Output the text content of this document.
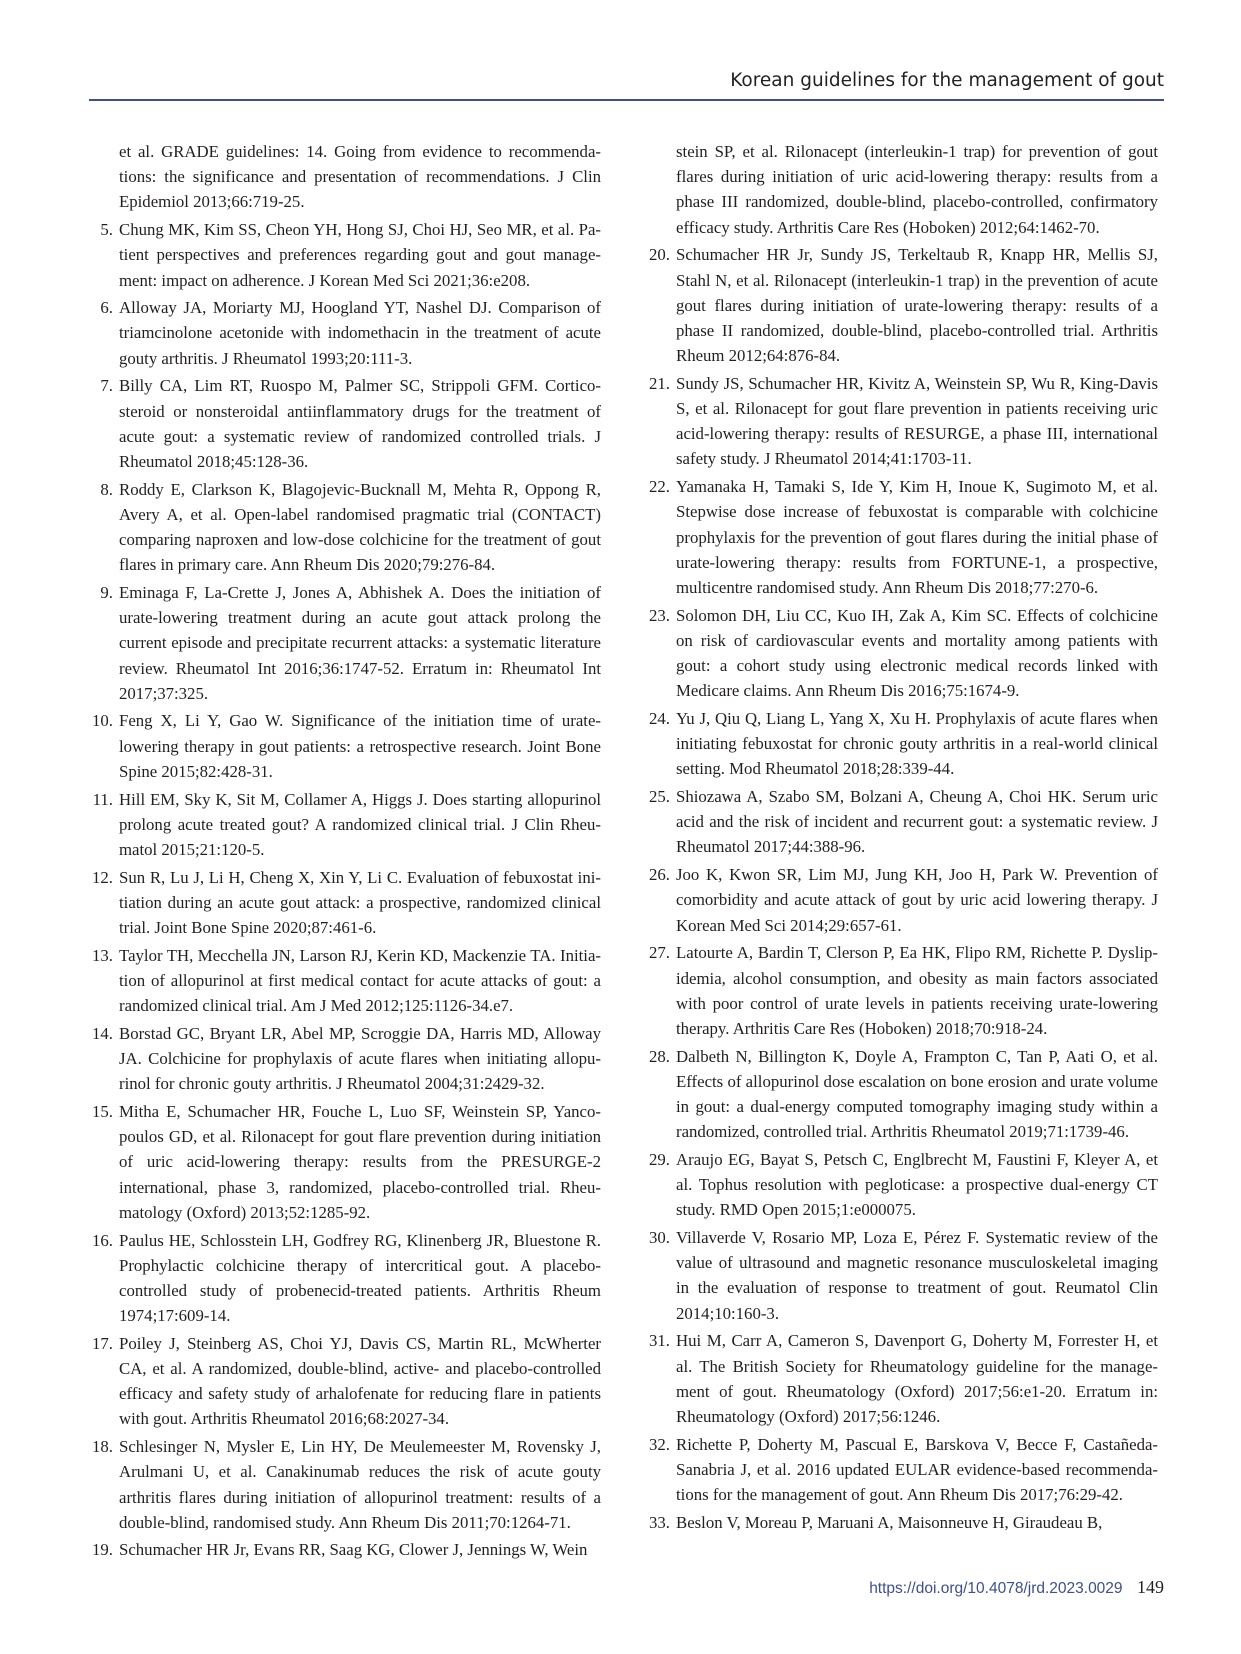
Korean guidelines for the management of gout
et al. GRADE guidelines: 14. Going from evidence to recommendations: the significance and presentation of recommendations. J Clin Epidemiol 2013;66:719-25.
5. Chung MK, Kim SS, Cheon YH, Hong SJ, Choi HJ, Seo MR, et al. Patient perspectives and preferences regarding gout and gout management: impact on adherence. J Korean Med Sci 2021;36:e208.
6. Alloway JA, Moriarty MJ, Hoogland YT, Nashel DJ. Comparison of triamcinolone acetonide with indomethacin in the treatment of acute gouty arthritis. J Rheumatol 1993;20:111-3.
7. Billy CA, Lim RT, Ruospo M, Palmer SC, Strippoli GFM. Corticosteroid or nonsteroidal antiinflammatory drugs for the treatment of acute gout: a systematic review of randomized controlled trials. J Rheumatol 2018;45:128-36.
8. Roddy E, Clarkson K, Blagojevic-Bucknall M, Mehta R, Oppong R, Avery A, et al. Open-label randomised pragmatic trial (CONTACT) comparing naproxen and low-dose colchicine for the treatment of gout flares in primary care. Ann Rheum Dis 2020;79:276-84.
9. Eminaga F, La-Crette J, Jones A, Abhishek A. Does the initiation of urate-lowering treatment during an acute gout attack prolong the current episode and precipitate recurrent attacks: a systematic literature review. Rheumatol Int 2016;36:1747-52. Erratum in: Rheumatol Int 2017;37:325.
10. Feng X, Li Y, Gao W. Significance of the initiation time of urate-lowering therapy in gout patients: a retrospective research. Joint Bone Spine 2015;82:428-31.
11. Hill EM, Sky K, Sit M, Collamer A, Higgs J. Does starting allopurinol prolong acute treated gout? A randomized clinical trial. J Clin Rheumatol 2015;21:120-5.
12. Sun R, Lu J, Li H, Cheng X, Xin Y, Li C. Evaluation of febuxostat initiation during an acute gout attack: a prospective, randomized clinical trial. Joint Bone Spine 2020;87:461-6.
13. Taylor TH, Mecchella JN, Larson RJ, Kerin KD, Mackenzie TA. Initiation of allopurinol at first medical contact for acute attacks of gout: a randomized clinical trial. Am J Med 2012;125:1126-34.e7.
14. Borstad GC, Bryant LR, Abel MP, Scroggie DA, Harris MD, Alloway JA. Colchicine for prophylaxis of acute flares when initiating allopurinol for chronic gouty arthritis. J Rheumatol 2004;31:2429-32.
15. Mitha E, Schumacher HR, Fouche L, Luo SF, Weinstein SP, Yancopoulos GD, et al. Rilonacept for gout flare prevention during initiation of uric acid-lowering therapy: results from the PRESURGE-2 international, phase 3, randomized, placebo-controlled trial. Rheumatology (Oxford) 2013;52:1285-92.
16. Paulus HE, Schlosstein LH, Godfrey RG, Klinenberg JR, Bluestone R. Prophylactic colchicine therapy of intercritical gout. A placebo-controlled study of probenecid-treated patients. Arthritis Rheum 1974;17:609-14.
17. Poiley J, Steinberg AS, Choi YJ, Davis CS, Martin RL, McWherter CA, et al. A randomized, double-blind, active- and placebo-controlled efficacy and safety study of arhalofenate for reducing flare in patients with gout. Arthritis Rheumatol 2016;68:2027-34.
18. Schlesinger N, Mysler E, Lin HY, De Meulemeester M, Rovensky J, Arulmani U, et al. Canakinumab reduces the risk of acute gouty arthritis flares during initiation of allopurinol treatment: results of a double-blind, randomised study. Ann Rheum Dis 2011;70:1264-71.
19. Schumacher HR Jr, Evans RR, Saag KG, Clower J, Jennings W, Wein
stein SP, et al. Rilonacept (interleukin-1 trap) for prevention of gout flares during initiation of uric acid-lowering therapy: results from a phase III randomized, double-blind, placebo-controlled, confirmatory efficacy study. Arthritis Care Res (Hoboken) 2012;64:1462-70.
20. Schumacher HR Jr, Sundy JS, Terkeltaub R, Knapp HR, Mellis SJ, Stahl N, et al. Rilonacept (interleukin-1 trap) in the prevention of acute gout flares during initiation of urate-lowering therapy: results of a phase II randomized, double-blind, placebo-controlled trial. Arthritis Rheum 2012;64:876-84.
21. Sundy JS, Schumacher HR, Kivitz A, Weinstein SP, Wu R, King-Davis S, et al. Rilonacept for gout flare prevention in patients receiving uric acid-lowering therapy: results of RESURGE, a phase III, international safety study. J Rheumatol 2014;41:1703-11.
22. Yamanaka H, Tamaki S, Ide Y, Kim H, Inoue K, Sugimoto M, et al. Stepwise dose increase of febuxostat is comparable with colchicine prophylaxis for the prevention of gout flares during the initial phase of urate-lowering therapy: results from FORTUNE-1, a prospective, multicentre randomised study. Ann Rheum Dis 2018;77:270-6.
23. Solomon DH, Liu CC, Kuo IH, Zak A, Kim SC. Effects of colchicine on risk of cardiovascular events and mortality among patients with gout: a cohort study using electronic medical records linked with Medicare claims. Ann Rheum Dis 2016;75:1674-9.
24. Yu J, Qiu Q, Liang L, Yang X, Xu H. Prophylaxis of acute flares when initiating febuxostat for chronic gouty arthritis in a real-world clinical setting. Mod Rheumatol 2018;28:339-44.
25. Shiozawa A, Szabo SM, Bolzani A, Cheung A, Choi HK. Serum uric acid and the risk of incident and recurrent gout: a systematic review. J Rheumatol 2017;44:388-96.
26. Joo K, Kwon SR, Lim MJ, Jung KH, Joo H, Park W. Prevention of comorbidity and acute attack of gout by uric acid lowering therapy. J Korean Med Sci 2014;29:657-61.
27. Latourte A, Bardin T, Clerson P, Ea HK, Flipo RM, Richette P. Dyslipidemia, alcohol consumption, and obesity as main factors associated with poor control of urate levels in patients receiving urate-lowering therapy. Arthritis Care Res (Hoboken) 2018;70:918-24.
28. Dalbeth N, Billington K, Doyle A, Frampton C, Tan P, Aati O, et al. Effects of allopurinol dose escalation on bone erosion and urate volume in gout: a dual-energy computed tomography imaging study within a randomized, controlled trial. Arthritis Rheumatol 2019;71:1739-46.
29. Araujo EG, Bayat S, Petsch C, Englbrecht M, Faustini F, Kleyer A, et al. Tophus resolution with pegloticase: a prospective dual-energy CT study. RMD Open 2015;1:e000075.
30. Villaverde V, Rosario MP, Loza E, Pérez F. Systematic review of the value of ultrasound and magnetic resonance musculoskeletal imaging in the evaluation of response to treatment of gout. Reumatol Clin 2014;10:160-3.
31. Hui M, Carr A, Cameron S, Davenport G, Doherty M, Forrester H, et al. The British Society for Rheumatology guideline for the management of gout. Rheumatology (Oxford) 2017;56:e1-20. Erratum in: Rheumatology (Oxford) 2017;56:1246.
32. Richette P, Doherty M, Pascual E, Barskova V, Becce F, Castañeda-Sanabria J, et al. 2016 updated EULAR evidence-based recommendations for the management of gout. Ann Rheum Dis 2017;76:29-42.
33. Beslon V, Moreau P, Maruani A, Maisonneuve H, Giraudeau B,
https://doi.org/10.4078/jrd.2023.0029 149
